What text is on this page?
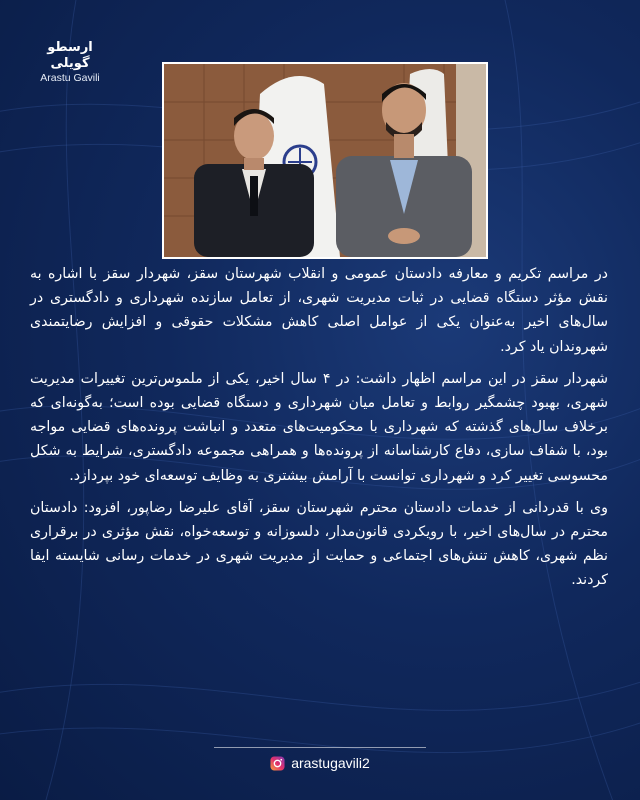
ارسطو گویلی
Arastu Gavili

در مراسم تکریم و معارفه دادستان عمومی و انقلاب شهرستان سقز، شهردار سقز با اشاره به نقش مؤثر دستگاه قضایی در ثبات مدیریت شهری، از تعامل سازنده شهرداری و دادگستری در سال‌های اخیر به‌عنوان یکی از عوامل اصلی کاهش مشکلات حقوقی و افزایش رضایتمندی شهروندان یاد کرد.

شهردار سقز در این مراسم اظهار داشت: در ۴ سال اخیر، یکی از ملموس‌ترین تغییرات مدیریت شهری، بهبود چشمگیر روابط و تعامل میان شهرداری و دستگاه قضایی بوده است؛ به‌گونه‌ای که برخلاف سال‌های گذشته که شهرداری با محکومیت‌های متعدد و انباشت پرونده‌های قضایی مواجه بود، با شفاف سازی، دفاع کارشناسانه از پرونده‌ها و همراهی مجموعه دادگستری، شرایط به شکل محسوسی تغییر کرد و شهرداری توانست با آرامش بیشتری به وظایف توسعه‌ای خود بپردازد.

وی با قدردانی از خدمات دادستان محترم شهرستان سقز، آقای علیرضا رضاپور، افزود: دادستان محترم در سال‌های اخیر، با رویکردی قانون‌مدار، دلسوزانه و توسعه‌خواه، نقش مؤثری در برقراری نظم شهری، کاهش تنش‌های اجتماعی و حمایت از مدیریت شهری در خدمات رسانی شایسته ایفا کردند.

arastugavili2
